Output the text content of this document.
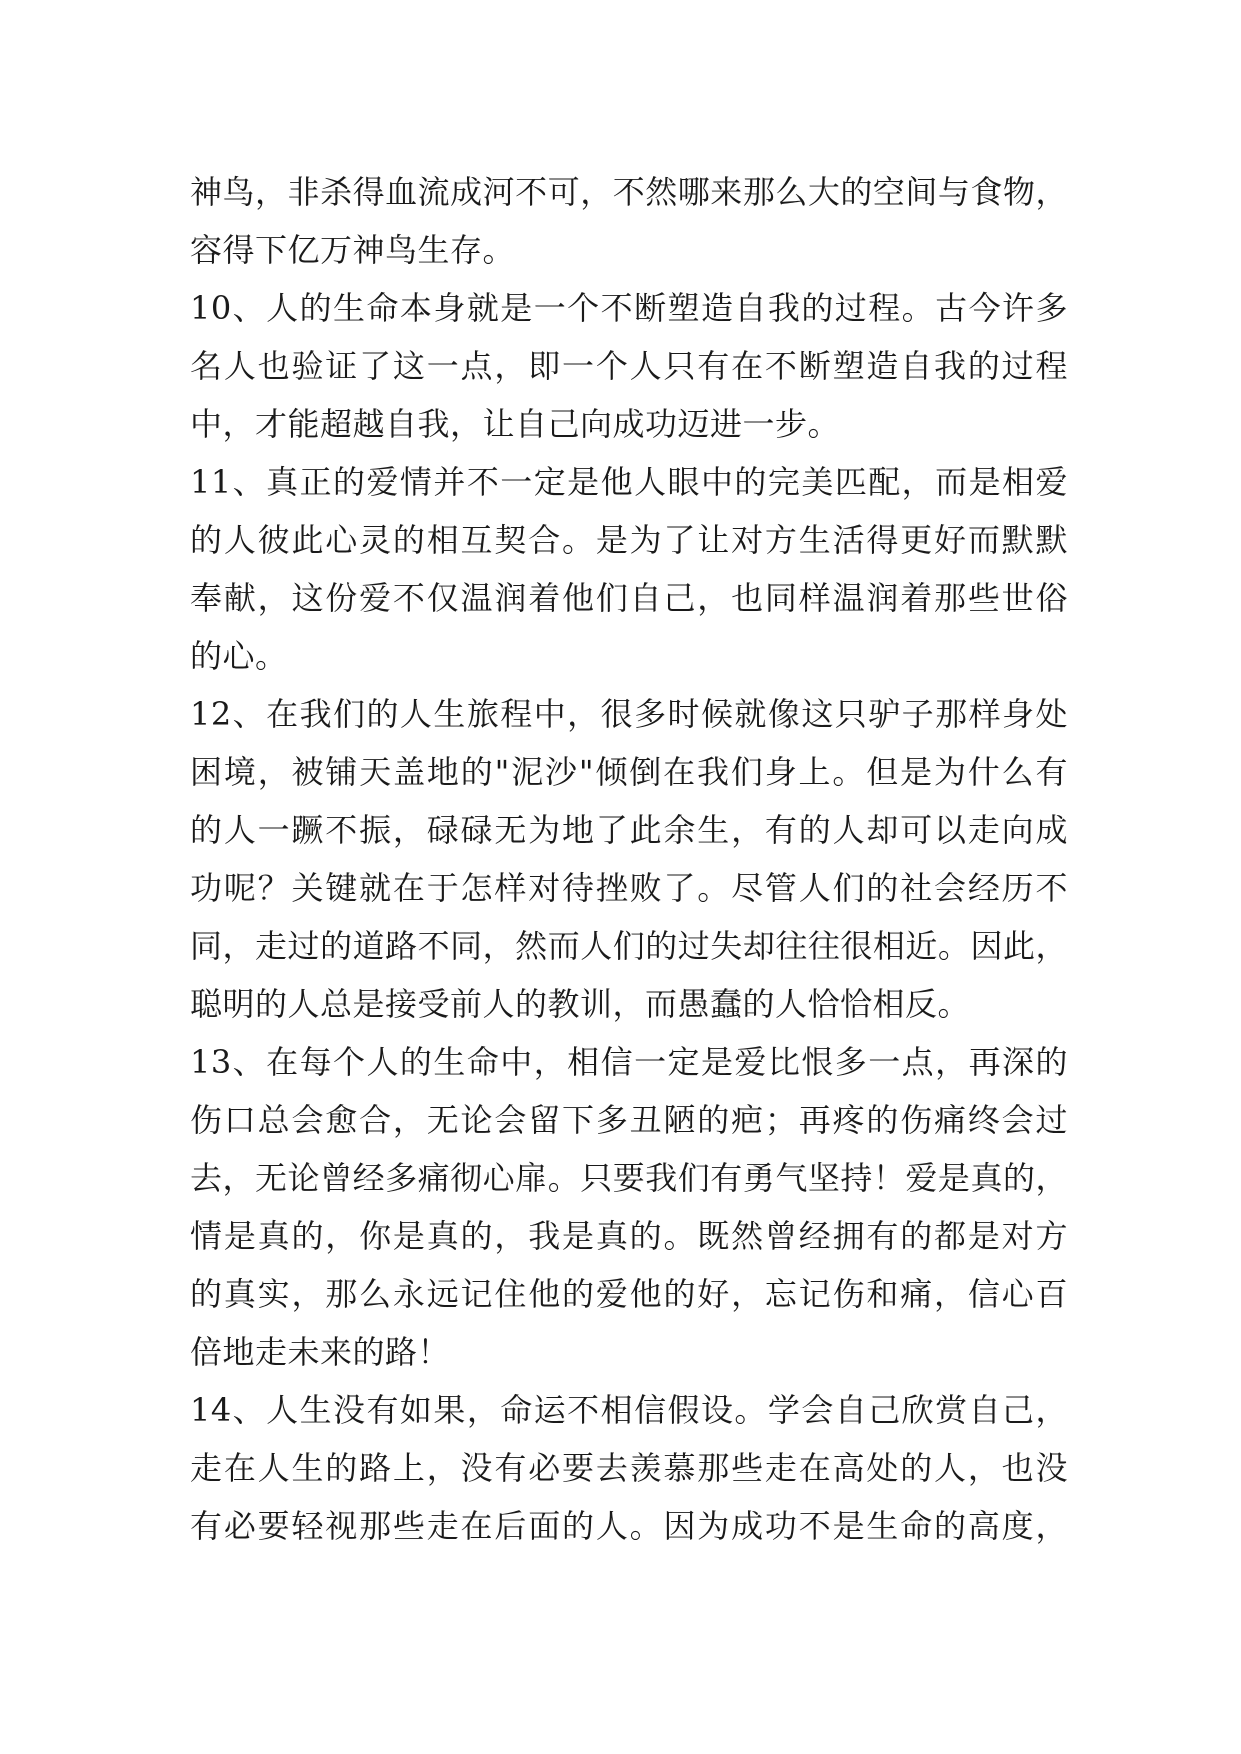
神鸟，非杀得血流成河不可，不然哪来那么大的空间与食物，
容得下亿万神鸟生存。
10、人的生命本身就是一个不断塑造自我的过程。古今许多
名人也验证了这一点，即一个人只有在不断塑造自我的过程
中，才能超越自我，让自己向成功迈进一步。
11、真正的爱情并不一定是他人眼中的完美匹配，而是相爱
的人彼此心灵的相互契合。是为了让对方生活得更好而默默
奉献，这份爱不仅温润着他们自己，也同样温润着那些世俗
的心。
12、在我们的人生旅程中，很多时候就像这只驴子那样身处
困境，被铺天盖地的"泥沙"倾倒在我们身上。但是为什么有
的人一蹶不振，碌碌无为地了此余生，有的人却可以走向成
功呢？关键就在于怎样对待挫败了。尽管人们的社会经历不
同，走过的道路不同，然而人们的过失却往往很相近。因此，
聪明的人总是接受前人的教训，而愚蠢的人恰恰相反。
13、在每个人的生命中，相信一定是爱比恨多一点，再深的
伤口总会愈合，无论会留下多丑陋的疤；再疼的伤痛终会过
去，无论曾经多痛彻心扉。只要我们有勇气坚持！爱是真的，
情是真的，你是真的，我是真的。既然曾经拥有的都是对方
的真实，那么永远记住他的爱他的好，忘记伤和痛，信心百
倍地走未来的路！
14、人生没有如果，命运不相信假设。学会自己欣赏自己，
走在人生的路上，没有必要去羡慕那些走在高处的人，也没
有必要轻视那些走在后面的人。因为成功不是生命的高度，
